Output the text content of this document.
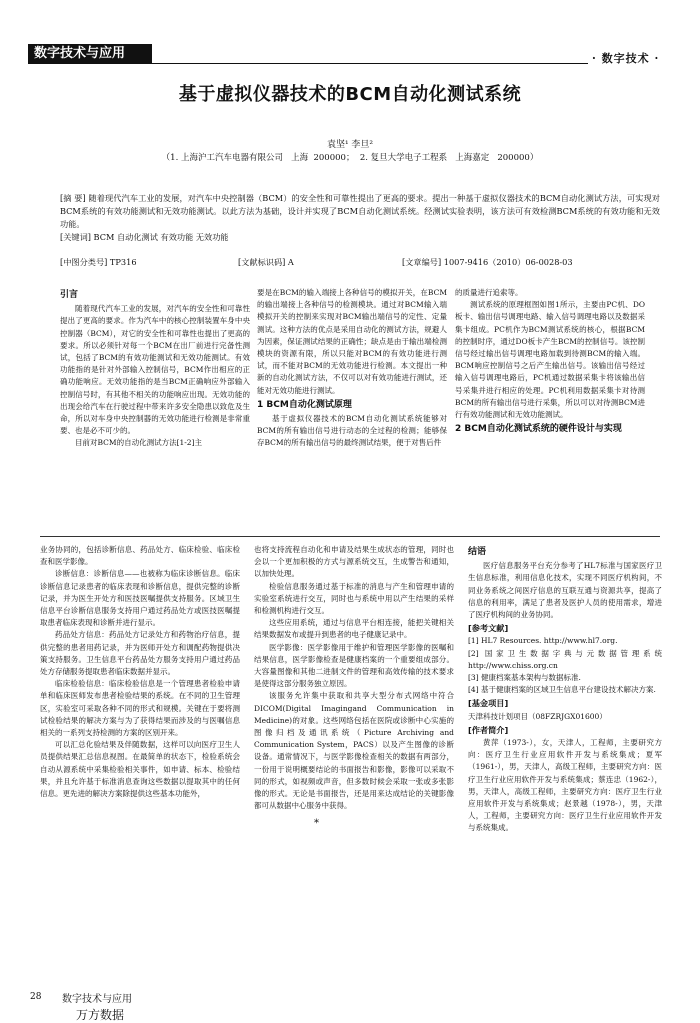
数字技术与应用	· 数字技术 ·
基于虚拟仪器技术的BCM自动化测试系统
袁坚¹ 李旦²
（1. 上海沪工汽车电器有限公司   上海  200000；  2. 复旦大学电子工程系   上海嘉定   200000）
[摘 要] 随着现代汽车工业的发展，对汽车中央控制器（BCM）的安全性和可靠性提出了更高的要求。提出一种基于虚拟仪器技术的BCM自动化测试方法，可实现对BCM系统的有效功能测试和无效功能测试。以此方法为基础，设计并实现了BCM自动化测试系统。经测试实验表明，该方法可有效检测BCM系统的有效功能和无效功能。
[关键词] BCM 自动化测试 有效功能 无效功能
[中图分类号] TP316	[文献标识码] A	[文章编号] 1007-9416（2010）06-0028-03
引言

随着现代汽车工业的发展，对汽车的安全性和可靠性提出了更高的要求。作为汽车中的核心控制装置车身中央控制器（BCM），对它的安全性和可靠性也提出了更高的要求。所以必须针对每一个BCM在出厂前进行完备性测试，包括了BCM的有效功能测试和无效功能测试。有效功能指的是针对外部输入控制信号，BCM作出相应的正确功能响应。无效功能指的是当BCM正确响应外部输入控制信号时，有其他不相关的功能响应出现。无效功能的出现会给汽车在行驶过程中带来许多安全隐患以致危及生命，所以对车身中央控制器的无效功能进行检测是非常重要、也是必不可少的。

目前对BCM的自动化测试方法[1-2]主

要是在BCM的输入端接上各种信号的模拟开关，在BCM的输出端接上各种信号的检测模块。通过对BCM输入端模拟开关的控制来实现对BCM输出端信号的定性、定量测试。这种方法的优点是采用自动化的测试方法，规避人为因素，保证测试结果的正确性；缺点是由于输出端检测模块的资源有限，所以只能对BCM的有效功能进行测试，而不能对BCM的无效功能进行检测。本文提出一种新的自动化测试方法，不仅可以对有效功能进行测试，还能对无效功能进行测试。

1 BCM自动化测试原理

基于虚拟仪器技术的BCM自动化测试系统能够对BCM的所有输出信号进行动态的全过程的检测；能够保存BCM的所有输出信号的最终测试结果，便于对售后件

的质量进行追索等。

测试系统的原理框图如图1所示，主要由PC机、DO板卡、输出信号调理电路、输入信号调理电路以及数据采集卡组成。PC机作为BCM测试系统的核心，根据BCM的控制时序，通过DO板卡产生BCM的控制信号。该控制信号经过输出信号调理电路加载到待测BCM的输入端。BCM响应控制信号之后产生输出信号。该输出信号经过输入信号调理电路后，PC机通过数据采集卡将该输出信号采集并进行相应的处理。PC机利用数据采集卡对待测BCM的所有输出信号进行采集，所以可以对待测BCM进行有效功能测试和无效功能测试。

2 BCM自动化测试系统的硬件设计与实现

业务协同的，包括诊断信息、药品处方、临床检验、临床检查和医学影像。

诊断信息：诊断信息——也被称为临床诊断信息。临床诊断信息记录患者的临床表现和诊断信息，提供完整的诊断记录，并为医生开处方和医技医嘱提供支持服务。区域卫生信息平台诊断信息服务支持用户通过药品处方或医技医嘱提取患者临床表现和诊断并进行显示。

药品处方信息：药品处方记录处方和药物治疗信息，提供完整的患者用药记录，并为医师开处方和调配药物提供决策支持服务。卫生信息平台药品处方服务支持用户通过药品处方存储服务提取患者临床数据并显示。

临床检验信息：临床检验信息是一个管理患者检验申请单和临床医师发布患者检验结果的系统。在不同的卫生管理区，实验室可采取各种不同的形式和规模。关键在于要将测试检验结果的解决方案与为了获得结果而涉及的与医嘱信息相关的一系列支持检测的方案的区别开来。

可以汇总化验结果及伴随数据，这样可以向医疗卫生人员提供结果汇总信息视图。在最简单的状态下，检验系统会自动从源系统中采集检验相关事件，如申请、标本、检验结果，并且允许基于标准消息查询这些数据以提取其中的任何信息。更先进的解决方案除提供这些基本功能外，

也将支持流程自动化和申请及结果生成状态的管理，同时也会以一个更加积极的方式与源系统交互，生成警告和通知，以加快处理。

检验信息服务通过基于标准的消息与产生和管理申请的实验室系统进行交互，同时也与系统中用以产生结果的采样和检测机构进行交互。

这些应用系统，通过与信息平台相连接，能把关键相关结果数据发布或提升到患者的电子健康记录中。

医学影像：医学影像用于维护和管理医学影像的医嘱和结果信息，医学影像检查是健康档案的一个重要组成部分。大容量图像和其他二进制文件的管理和高效传输的技术要求是使得这部分服务独立原因。

该服务允许集中获取和共享大型分布式网络中符合DICOM(Digital Imagingand Communication in Medicine)的对象。这些网络包括在医院或诊断中心实施的图像归档及通讯系统（Picture Archiving and Communication System，PACS）以及产生图像的诊断设备。通常情况下，与医学影像检查相关的数据有两部分，一份用于说明概要结论的书面报告和影像，影像可以采取不同的形式，如视频或声音，但多数时候会采取一张或多张影像的形式。无论是书面报告，还是用来达成结论的关键影像都可从数据中心服务中获得。

*
结语

医疗信息服务平台充分参考了HL7标准与国家医疗卫生信息标准，利用信息化技术，实现不同医疗机构间，不同业务系统之间医疗信息的互联互通与资源共享，提高了信息的利用率，满足了患者及医护人员的使用需求，增进了医疗机构间的业务协同。

[参考文献]

[1] HL7 Resources. http://www.hl7.org.

[2] 国家卫生数据字典与元数据管理系统 http://www.chiss.org.cn

[3] 健康档案基本架构与数据标准.

[4] 基于健康档案的区域卫生信息平台建设技术解决方案.

[基金项目]

天津科技计划项目（08FZRJGX01600）

[作者简介]

黄萍（1973-），女，天津人，工程师，主要研究方向：医疗卫生行业应用软件开发与系统集成；夏军（1961-），男，天津人，高级工程师，主要研究方向：医疗卫生行业应用软件开发与系统集成；蔡连忠（1962-），男，天津人，高级工程师，主要研究方向：医疗卫生行业应用软件开发与系统集成；赵景越（1978-），男，天津人，工程师，主要研究方向：医疗卫生行业应用软件开发与系统集成。

28 数字技术与应用
万方数据
